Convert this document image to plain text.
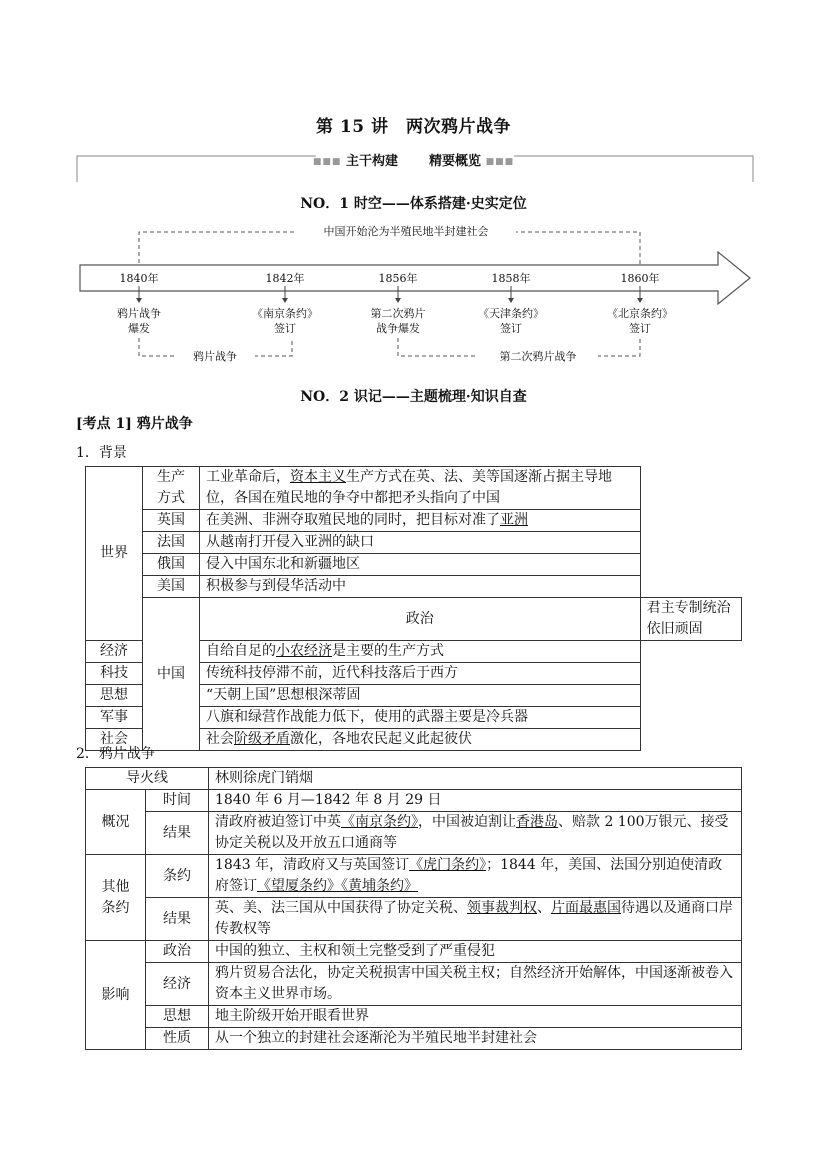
第 15 讲　两次鸦片战争
■■■ 主干构建 精要概览 ■■■
NO．1 时空——体系搭建·史实定位
中国开始沦为半殖民地半封建社会
1840年	1842年	1856年	1858年	1860年
鸦片战争
爆发
《南京条约》
签订
第二次鸦片
战争爆发
《天津条约》
签订
《北京条约》
签订
鸦片战争	第二次鸦片战争
NO．2 识记——主题梳理·知识自查
[考点 1] 鸦片战争
1．背景
世界	生产方式	工业革命后，资本主义生产方式在英、法、美等国逐渐占据主导地位，各国在殖民地的争夺中都把矛头指向了中国	
	英国	在美洲、非洲夺取殖民地的同时，把目标对准了亚洲	
	法国	从越南打开侵入亚洲的缺口	
	俄国	侵入中国东北和新疆地区	
	美国	积极参与到侵华活动中	
	中国	政治	君主专制统治依旧顽固
经济		自给自足的小农经济是主要的生产方式	
科技		传统科技停滞不前，近代科技落后于西方	
思想		“天朝上国”思想根深蒂固	
军事		八旗和绿营作战能力低下，使用的武器主要是冷兵器	
社会		社会阶级矛盾激化，各地农民起义此起彼伏	
2．鸦片战争
导火线		林则徐虎门销烟
概况	时间	1840 年 6 月—1842 年 8 月 29 日
	结果	清政府被迫签订中英《南京条约》，中国被迫割让香港岛、赔款 2 100万银元、接受协定关税以及开放五口通商等
其他条约	条约	1843 年，清政府又与英国签订《虎门条约》；1844 年，美国、法国分别迫使清政府签订《望厦条约》《黄埔条约》
	结果	英、美、法三国从中国获得了协定关税、领事裁判权、片面最惠国待遇以及通商口岸传教权等
影响	政治	中国的独立、主权和领土完整受到了严重侵犯
	经济	鸦片贸易合法化，协定关税损害中国关税主权；自然经济开始解体，中国逐渐被卷入资本主义世界市场。
	思想	地主阶级开始开眼看世界
	性质	从一个独立的封建社会逐渐沦为半殖民地半封建社会
